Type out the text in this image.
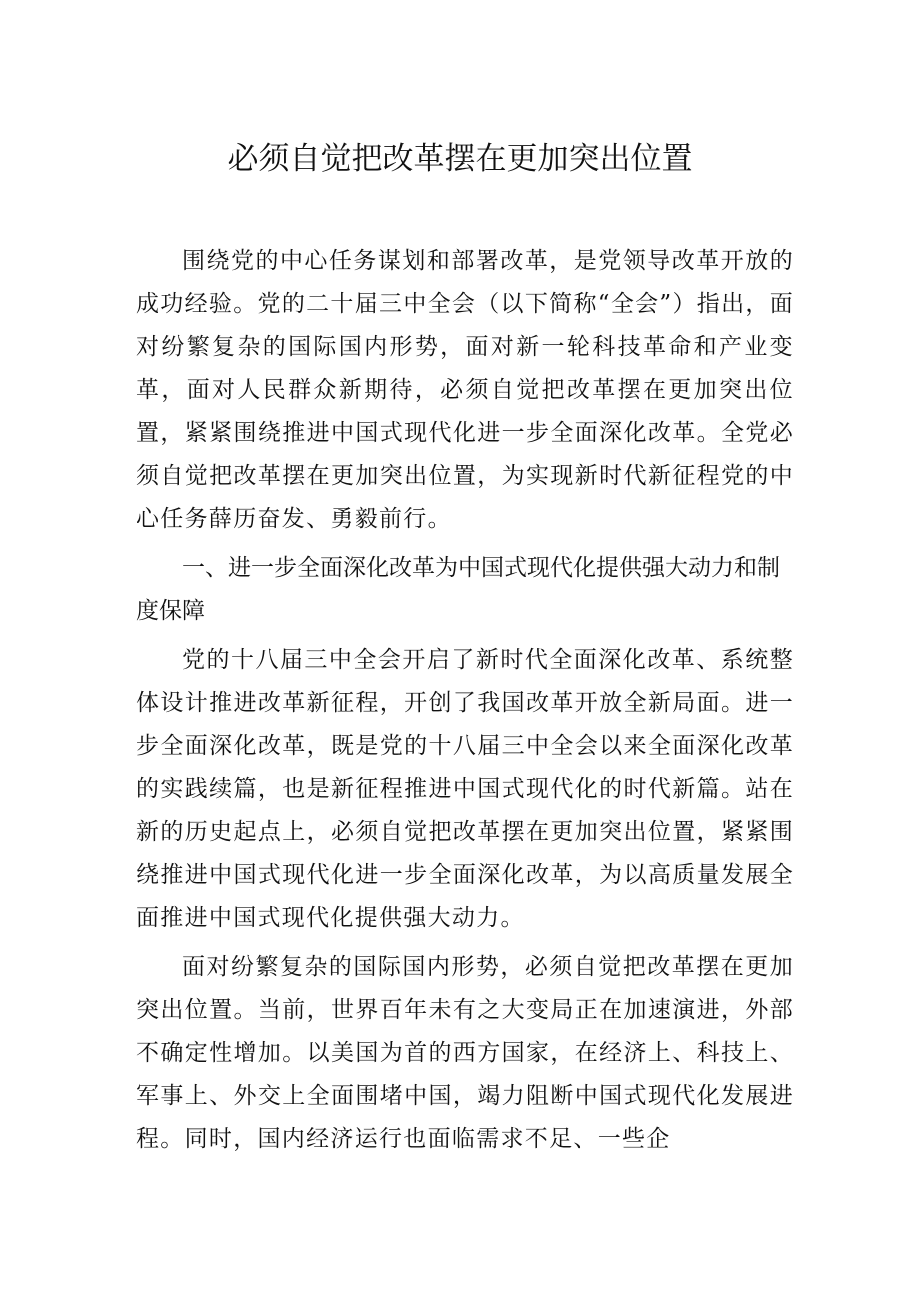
必须自觉把改革摆在更加突出位置

围绕党的中心任务谋划和部署改革，是党领导改革开放的成功经验。党的二十届三中全会（以下简称“全会”）指出，面对纷繁复杂的国际国内形势，面对新一轮科技革命和产业变革，面对人民群众新期待，必须自觉把改革摆在更加突出位置，紧紧围绕推进中国式现代化进一步全面深化改革。全党必须自觉把改革摆在更加突出位置，为实现新时代新征程党的中心任务薛历奋发、勇毅前行。

一、进一步全面深化改革为中国式现代化提供强大动力和制度保障

党的十八届三中全会开启了新时代全面深化改革、系统整体设计推进改革新征程，开创了我国改革开放全新局面。进一步全面深化改革，既是党的十八届三中全会以来全面深化改革的实践续篇，也是新征程推进中国式现代化的时代新篇。站在新的历史起点上，必须自觉把改革摆在更加突出位置，紧紧围绕推进中国式现代化进一步全面深化改革，为以高质量发展全面推进中国式现代化提供强大动力。

面对纷繁复杂的国际国内形势，必须自觉把改革摆在更加突出位置。当前，世界百年未有之大变局正在加速演进，外部不确定性增加。以美国为首的西方国家，在经济上、科技上、军事上、外交上全面围堵中国，竭力阻断中国式现代化发展进程。同时，国内经济运行也面临需求不足、一些企
